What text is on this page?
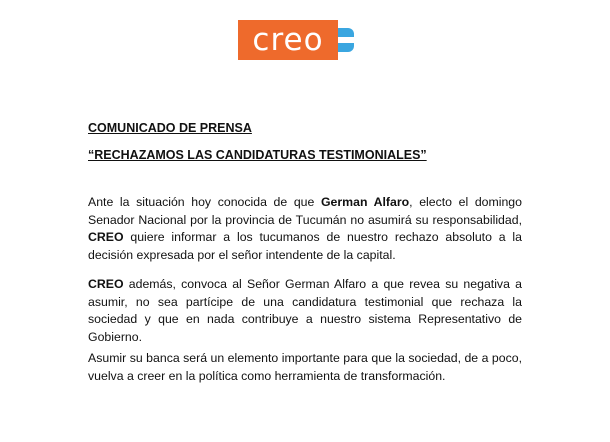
creo
COMUNICADO DE PRENSA
“RECHAZAMOS LAS CANDIDATURAS TESTIMONIALES”
Ante la situación hoy conocida de que German Alfaro, electo el domingo Senador Nacional por la provincia de Tucumán no asumirá su responsabilidad, CREO quiere informar a los tucumanos de nuestro rechazo absoluto a la decisión expresada por el señor intendente de la capital.
CREO además, convoca al Señor German Alfaro a que revea su negativa a asumir, no sea partícipe de una candidatura testimonial que rechaza la sociedad y que en nada contribuye a nuestro sistema Representativo de Gobierno.
Asumir su banca será un elemento importante para que la sociedad, de a poco, vuelva a creer en la política como herramienta de transformación.
